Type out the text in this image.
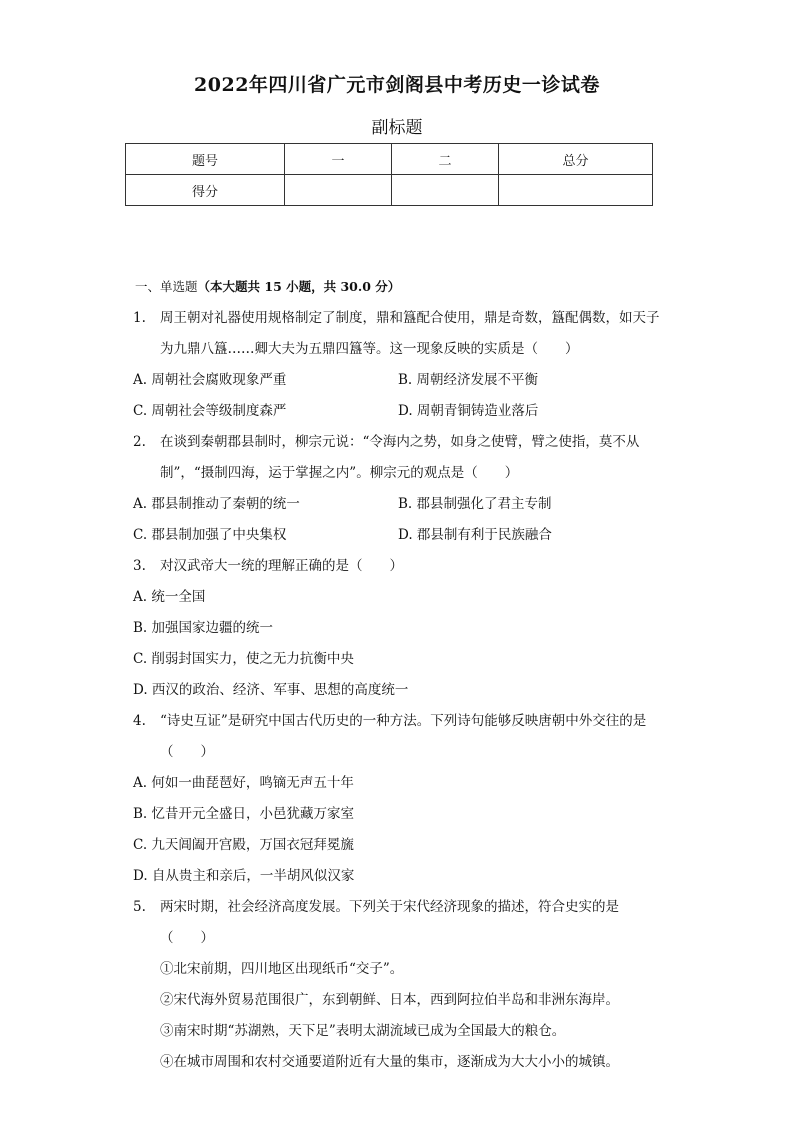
2022年四川省广元市剑阁县中考历史一诊试卷
副标题
题号	一	二	总分
得分			
一、单选题（本大题共 15 小题，共 30.0 分）
1. 周王朝对礼器使用规格制定了制度，鼎和簋配合使用，鼎是奇数，簋配偶数，如天子为九鼎八簋……卿大夫为五鼎四簋等。这一现象反映的实质是（　　）
A. 周朝社会腐败现象严重	B. 周朝经济发展不平衡
C. 周朝社会等级制度森严	D. 周朝青铜铸造业落后
2. 在谈到秦朝郡县制时，柳宗元说：“令海内之势，如身之使臂，臂之使指，莫不从制”，“摄制四海，运于掌握之内”。柳宗元的观点是（　　）
A. 郡县制推动了秦朝的统一	B. 郡县制强化了君主专制
C. 郡县制加强了中央集权	D. 郡县制有利于民族融合
3. 对汉武帝大一统的理解正确的是（　　）
A. 统一全国
B. 加强国家边疆的统一
C. 削弱封国实力，使之无力抗衡中央
D. 西汉的政治、经济、军事、思想的高度统一
4. “诗史互证”是研究中国古代历史的一种方法。下列诗句能够反映唐朝中外交往的是（　　）
A. 何如一曲琵琶好，鸣镝无声五十年
B. 忆昔开元全盛日，小邑犹藏万家室
C. 九天阊阖开宫殿，万国衣冠拜冕旒
D. 自从贵主和亲后，一半胡风似汉家
5. 两宋时期，社会经济高度发展。下列关于宋代经济现象的描述，符合史实的是（　　）
①北宋前期，四川地区出现纸币“交子”。
②宋代海外贸易范围很广，东到朝鲜、日本，西到阿拉伯半岛和非洲东海岸。
③南宋时期“苏湖熟，天下足”表明太湖流域已成为全国最大的粮仓。
④在城市周围和农村交通要道附近有大量的集市，逐渐成为大大小小的城镇。
